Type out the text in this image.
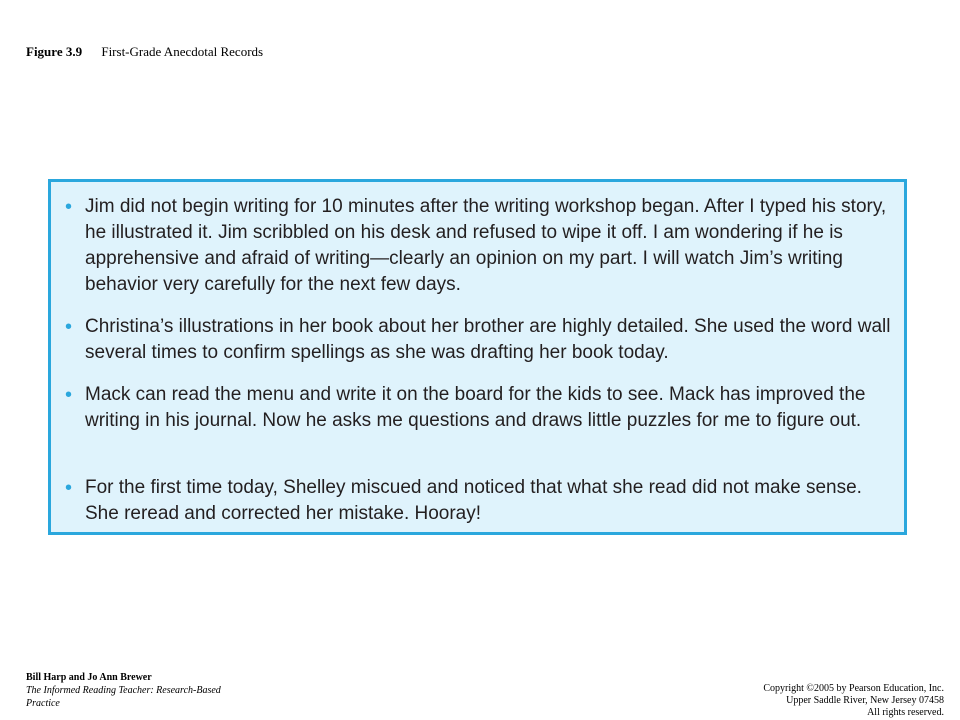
Figure 3.9 First-Grade Anecdotal Records
• Jim did not begin writing for 10 minutes after the writing workshop began. After I typed his story, he illustrated it. Jim scribbled on his desk and refused to wipe it off. I am wondering if he is apprehensive and afraid of writing—clearly an opinion on my part. I will watch Jim’s writing behavior very carefully for the next few days.
• Christina’s illustrations in her book about her brother are highly detailed. She used the word wall several times to confirm spellings as she was drafting her book today.
• Mack can read the menu and write it on the board for the kids to see. Mack has improved the writing in his journal. Now he asks me questions and draws little puzzles for me to figure out.
• For the first time today, Shelley miscued and noticed that what she read did not make sense. She reread and corrected her mistake. Hooray!
Bill Harp and Jo Ann Brewer
The Informed Reading Teacher: Research-Based Practice
Copyright ©2005 by Pearson Education, Inc.
Upper Saddle River, New Jersey 07458
All rights reserved.
